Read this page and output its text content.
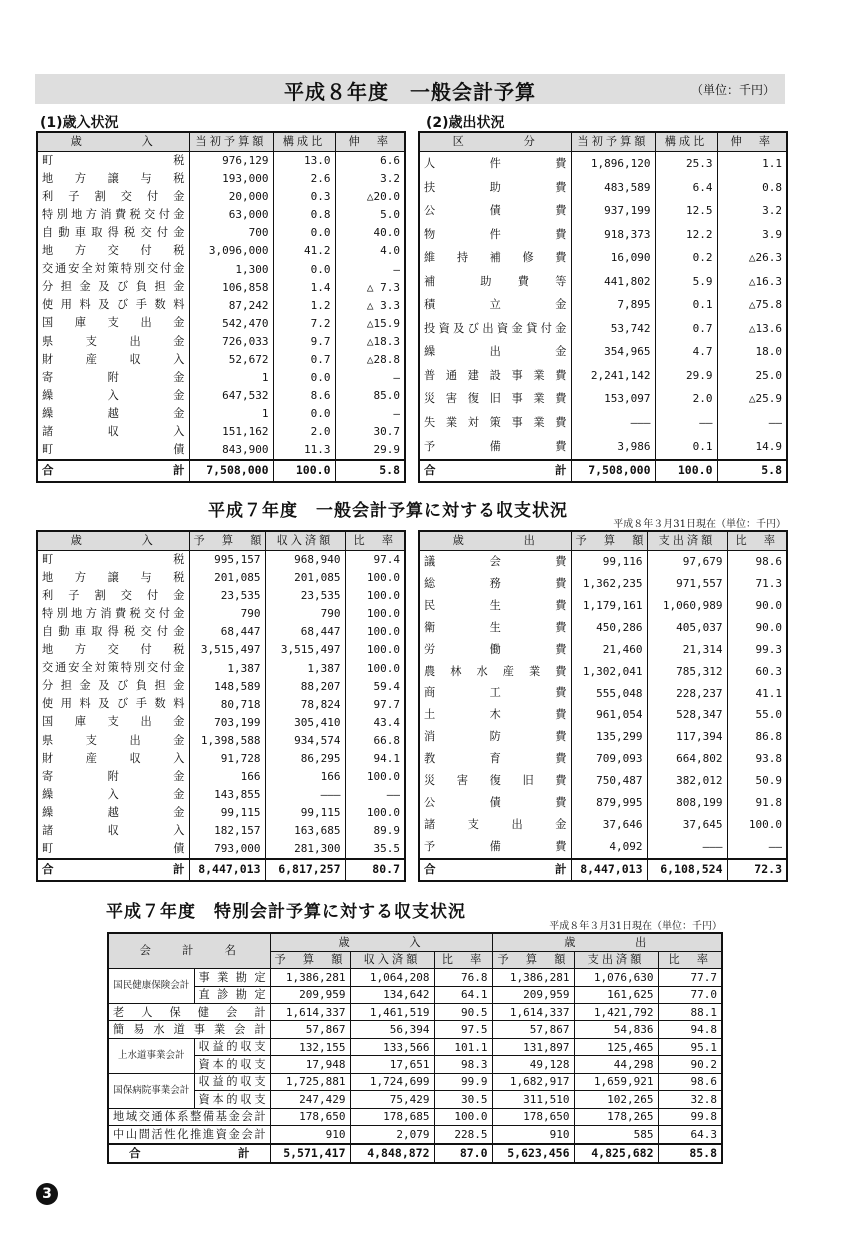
平成８年度　一般会計予算	（単位：千円）
(1)歳入状況	(2)歳出状況
歳　　　　入	当初予算額	構成比	伸　率
町　　　　　税	976,129	13.0	6.6
地　方　譲　与　税	193,000	2.6	3.2
利　子　割　交　付　金	20,000	0.3	△20.0
特別地方消費税交付金	63,000	0.8	5.0
自動車取得税交付金	700	0.0	40.0
地　方　交　付　税	3,096,000	41.2	4.0
交通安全対策特別交付金	1,300	0.0	—
分担金及び負担金	106,858	1.4	△ 7.3
使用料及び手数料	87,242	1.2	△ 3.3
国　庫　支　出　金	542,470	7.2	△15.9
県　　支　　出　　金	726,033	9.7	△18.3
財　　産　　収　　入	52,672	0.7	△28.8
寄　　　附　　　金	1	0.0	—
繰　　　入　　　金	647,532	8.6	85.0
繰　　　越　　　金	1	0.0	—
諸　　　収　　　入	151,162	2.0	30.7
町　　　　　債	843,900	11.3	29.9
合　　　　　計	7,508,000	100.0	5.8
区　　　　分	当初予算額	構成比	伸　率
人　　件　　費	1,896,120	25.3	1.1
扶　　助　　費	483,589	6.4	0.8
公　　債　　費	937,199	12.5	3.2
物　　件　　費	918,373	12.2	3.9
維　持　補　修　費	16,090	0.2	△26.3
補　　助　費　等	441,802	5.9	△16.3
積　　立　　金	7,895	0.1	△75.8
投資及び出資金貸付金	53,742	0.7	△13.6
繰　　出　　金	354,965	4.7	18.0
普通建設事業費	2,241,142	29.9	25.0
災害復旧事業費	153,097	2.0	△25.9
失業対策事業費	———	——	——
予　　備　　費	3,986	0.1	14.9
合　　　　　計	7,508,000	100.0	5.8
平成７年度　一般会計予算に対する収支状況
平成８年３月31日現在（単位：千円）
歳　　　　入	予　算　額	収入済額	比　率
町　　　　　税	995,157	968,940	97.4
地　方　譲　与　税	201,085	201,085	100.0
利　子　割　交　付　金	23,535	23,535	100.0
特別地方消費税交付金	790	790	100.0
自動車取得税交付金	68,447	68,447	100.0
地　方　交　付　税	3,515,497	3,515,497	100.0
交通安全対策特別交付金	1,387	1,387	100.0
分担金及び負担金	148,589	88,207	59.4
使用料及び手数料	80,718	78,824	97.7
国　庫　支　出　金	703,199	305,410	43.4
県　　支　　出　　金	1,398,588	934,574	66.8
財　　産　　収　　入	91,728	86,295	94.1
寄　　　附　　　金	166	166	100.0
繰　　　入　　　金	143,855	———	——
繰　　　越　　　金	99,115	99,115	100.0
諸　　　収　　　入	182,157	163,685	89.9
町　　　　　債	793,000	281,300	35.5
合　　　　　計	8,447,013	6,817,257	80.7
歳　　　　出	予　算　額	支出済額	比　率
議　　会　　費	99,116	97,679	98.6
総　　務　　費	1,362,235	971,557	71.3
民　　生　　費	1,179,161	1,060,989	90.0
衛　　生　　費	450,286	405,037	90.0
労　　働　　費	21,460	21,314	99.3
農林水産業費	1,302,041	785,312	60.3
商　　工　　費	555,048	228,237	41.1
土　　木　　費	961,054	528,347	55.0
消　　防　　費	135,299	117,394	86.8
教　　育　　費	709,093	664,802	93.8
災　害　復　旧　費	750,487	382,012	50.9
公　　債　　費	879,995	808,199	91.8
諸　支　出　金	37,646	37,645	100.0
予　　備　　費	4,092	———	——
合　　　　　計	8,447,013	6,108,524	72.3
平成７年度　特別会計予算に対する収支状況
平成８年３月31日現在（単位：千円）
会　　計　　名		歳　　　　入			歳　　　　出		
		予　算　額	収入済額	比　率	予　算　額	支出済額	比　率
国民健康保険会計	事業勘定	1,386,281	1,064,208	76.8	1,386,281	1,076,630	77.7
	直診勘定	209,959	134,642	64.1	209,959	161,625	77.0
老人保健会計		1,614,337	1,461,519	90.5	1,614,337	1,421,792	88.1
簡易水道事業会計		57,867	56,394	97.5	57,867	54,836	94.8
上水道事業会計	収益的収支	132,155	133,566	101.1	131,897	125,465	95.1
	資本的収支	17,948	17,651	98.3	49,128	44,298	90.2
国保病院事業会計	収益的収支	1,725,881	1,724,699	99.9	1,682,917	1,659,921	98.6
	資本的収支	247,429	75,429	30.5	311,510	102,265	32.8
地域交通体系整備基金会計		178,650	178,685	100.0	178,650	178,265	99.8
中山間活性化推進資金会計		910	2,079	228.5	910	585	64.3
合　　　　　計		5,571,417	4,848,872	87.0	5,623,456	4,825,682	85.8
3
